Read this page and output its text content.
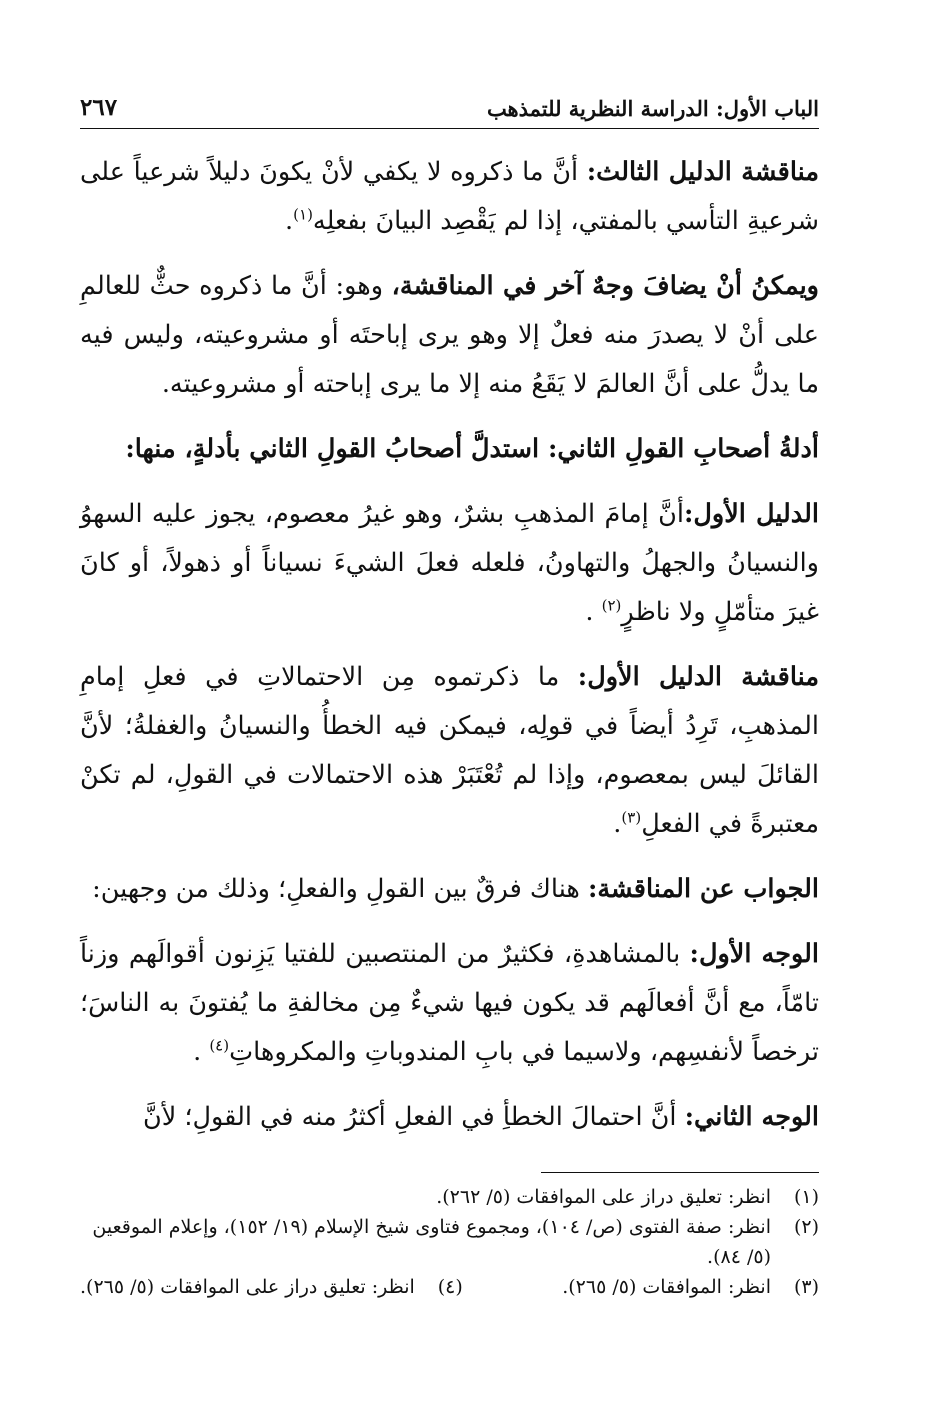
الباب الأول: الدراسة النظرية للتمذهب
٢٦٧

مناقشة الدليل الثالث: أنَّ ما ذكروه لا يكفي لأنْ يكونَ دليلاً شرعياً على شرعيةِ التأسي بالمفتي، إذا لم يَقْصِد البيانَ بفعلِه$^{(١)}$.

ويمكنُ أنْ يضافَ وجهٌ آخر في المناقشة، وهو: أنَّ ما ذكروه حثٌّ للعالمِ على أنْ لا يصدرَ منه فعلٌ إلا وهو يرى إباحتَه أو مشروعيته، وليس فيه ما يدلُّ على أنَّ العالمَ لا يَقَعُ منه إلا ما يرى إباحته أو مشروعيته.

أدلةُ أصحابِ القولِ الثاني: استدلَّ أصحابُ القولِ الثاني بأدلةٍ، منها:

الدليل الأول:أنَّ إمامَ المذهبِ بشرٌ، وهو غيرُ معصوم، يجوز عليه السهوُ والنسيانُ والجهلُ والتهاونُ، فلعله فعلَ الشيءَ نسياناً أو ذهولاً، أو كانَ غيرَ متأمّلٍ ولا ناظرٍ$^{(٢)}$ .

مناقشة الدليل الأول: ما ذكرتموه مِن الاحتمالاتِ في فعلِ إمامِ المذهبِ، تَرِدُ أيضاً في قولِه، فيمكن فيه الخطأُ والنسيانُ والغفلةُ؛ لأنَّ القائلَ ليس بمعصوم، وإذا لم تُعْتَبَرْ هذه الاحتمالات في القولِ، لم تكنْ معتبرةً في الفعلِ$^{(٣)}$.

الجواب عن المناقشة: هناك فرقٌ بين القولِ والفعلِ؛ وذلك من وجهين:

الوجه الأول: بالمشاهدةِ، فكثيرٌ من المنتصبين للفتيا يَزِنون أقوالَهم وزناً تامّاً، مع أنَّ أفعالَهم قد يكون فيها شيءٌ مِن مخالفةِ ما يُفتونَ به الناسَ؛ ترخصاً لأنفسِهم، ولاسيما في بابِ المندوباتِ والمكروهاتِ$^{(٤)}$ .

الوجه الثاني: أنَّ احتمالَ الخطأِ في الفعلِ أكثرُ منه في القولِ؛ لأنَّ

(١)
انظر: تعليق دراز على الموافقات (٥/ ٢٦٢).
(٢)
انظر: صفة الفتوى (ص/ ١٠٤)، ومجموع فتاوى شيخ الإسلام (١٩/ ١٥٢)، وإعلام الموقعين (٥/ ٨٤).
(٣)
انظر: الموافقات (٥/ ٢٦٥).
(٤)
انظر: تعليق دراز على الموافقات (٥/ ٢٦٥).
